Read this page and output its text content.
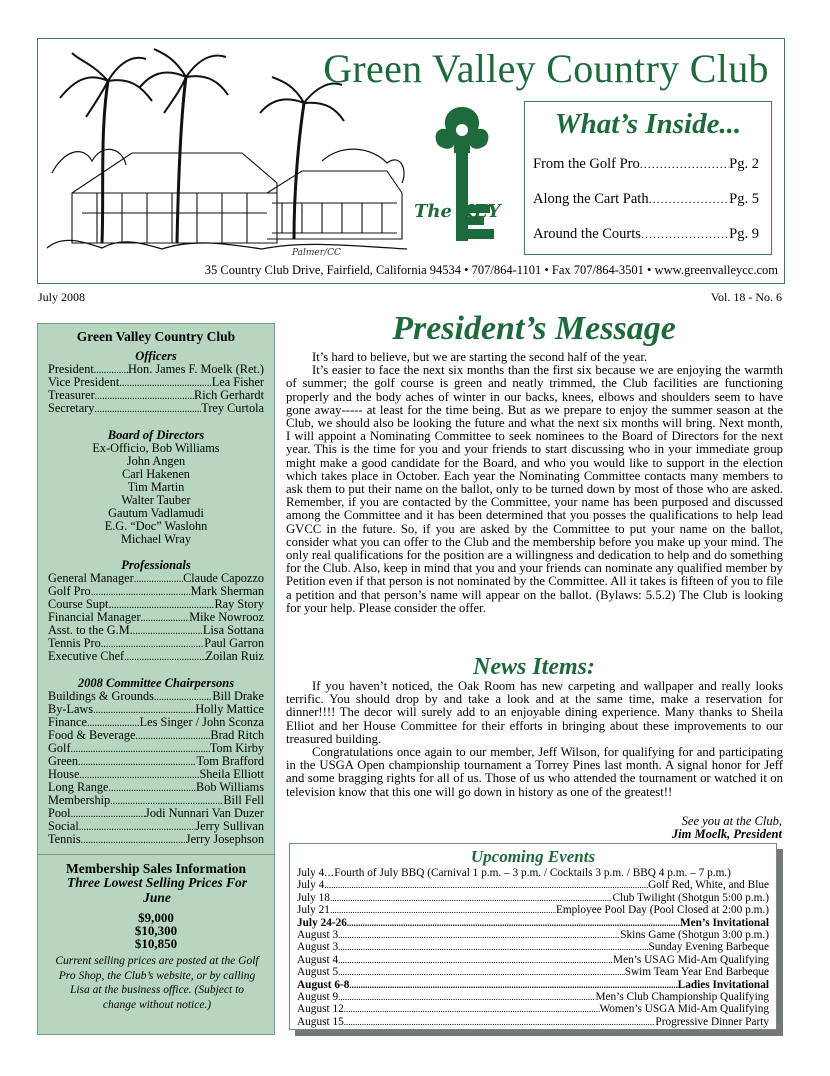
Palmer/CC
Green Valley Country Club
The KEY
What’s Inside...
From the Golf Pro .....	Pg. 2
Along the Cart Path .....	Pg. 5
Around the Courts .....	Pg. 9
35 Country Club Drive, Fairfield, California 94534 • 707/864-1101 • Fax 707/864-3501 • www.greenvalleycc.com
July 2008	Vol. 18 - No. 6
Green Valley Country Club
Officers
President .....	Hon. James F. Moelk (Ret.)
Vice President .....	Lea Fisher
Treasurer .....	Rich Gerhardt
Secretary .....	Trey Curtola
Board of Directors
Ex-Officio, Bob Williams
John Angen
Carl Hakenen
Tim Martin
Walter Tauber
Gautum Vadlamudi
E.G. “Doc” Waslohn
Michael Wray
Professionals
General Manager .....	Claude Capozzo
Golf Pro .....	Mark Sherman
Course Supt. .....	Ray Story
Financial Manager .....	Mike Nowrooz
Asst. to the G.M. .....	Lisa Sottana
Tennis Pro .....	Paul Garron
Executive Chef .....	Zoilan Ruiz
2008 Committee Chairpersons
Buildings & Grounds .....	Bill Drake
By-Laws .....	Holly Mattice
Finance .....	Les Singer / John Sconza
Food & Beverage .....	Brad Ritch
Golf .....	Tom Kirby
Green .....	Tom Brafford
House .....	Sheila Elliott
Long Range .....	Bob Williams
Membership .....	Bill Fell
Pool .....	Jodi Nunnari Van Duzer
Social .....	Jerry Sullivan
Tennis .....	Jerry Josephson
Membership Sales Information
Three Lowest Selling Prices For June
$9,000
$10,300
$10,850
Current selling prices are posted at the Golf Pro Shop, the Club’s website, or by calling Lisa at the business office. (Subject to change without notice.)
President’s Message

It’s hard to believe, but we are starting the second half of the year.

It’s easier to face the next six months than the first six because we are enjoying the warmth of summer; the golf course is green and neatly trimmed, the Club facilities are functioning properly and the body aches of winter in our backs, knees, elbows and shoulders seem to have gone away----- at least for the time being. But as we prepare to enjoy the summer season at the Club, we should also be looking the future and what the next six months will bring. Next month, I will appoint a Nominating Committee to seek nominees to the Board of Directors for the next year. This is the time for you and your friends to start discussing who in your immediate group might make a good candidate for the Board, and who you would like to support in the election which takes place in October. Each year the Nominating Committee contacts many members to ask them to put their name on the ballot, only to be turned down by most of those who are asked. Remember, if you are contacted by the Committee, your name has been purposed and discussed among the Committee and it has been determined that you posses the qualifications to help lead GVCC in the future. So, if you are asked by the Committee to put your name on the ballot, consider what you can offer to the Club and the membership before you make up your mind. The only real qualifications for the position are a willingness and dedication to help and do something for the Club. Also, keep in mind that you and your friends can nominate any qualified member by Petition even if that person is not nominated by the Committee. All it takes is fifteen of you to file a petition and that person’s name will appear on the ballot. (Bylaws: 5.5.2) The Club is looking for your help. Please consider the offer.

News Items:

If you haven’t noticed, the Oak Room has new carpeting and wallpaper and really looks terrific. You should drop by and take a look and at the same time, make a reservation for dinner!!!! The decor will surely add to an enjoyable dining experience. Many thanks to Sheila Elliot and her House Committee for their efforts in bringing about these improvements to our treasured building.

Congratulations once again to our member, Jeff Wilson, for qualifying for and participating in the USGA Open championship tournament a Torrey Pines last month. A signal honor for Jeff and some bragging rights for all of us. Those of us who attended the tournament or watched it on television know that this one will go down in history as one of the greatest!!

See you at the Club,
Jim Moelk, President
Upcoming Events
July 4 ... Fourth of July BBQ (Carnival 1 p.m. – 3 p.m. / Cocktails 3 p.m. / BBQ 4 p.m. – 7 p.m.)
July 4 .....	Golf Red, White, and Blue
July 18 .....	Club Twilight (Shotgun 5:00 p.m.)
July 21 .....	Employee Pool Day (Pool Closed at 2:00 p.m.)
July 24-26 .....	Men’s Invitational
August 3 .....	Skins Game (Shotgun 3:00 p.m.)
August 3 .....	Sunday Evening Barbeque
August 4 .....	Men’s USAG Mid-Am Qualifying
August 5 .....	Swim Team Year End Barbeque
August 6-8 .....	Ladies Invitational
August 9 .....	Men’s Club Championship Qualifying
August 12 .....	Women’s USGA Mid-Am Qualifying
August 15 .....	Progressive Dinner Party
